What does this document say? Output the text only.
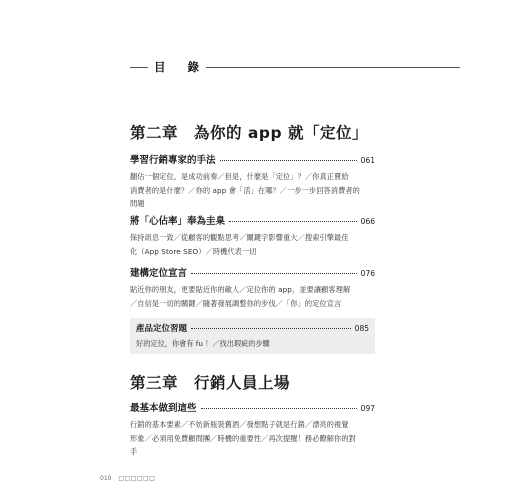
目 錄
第二章　為你的 app 就「定位」
學習行銷專家的手法	061
翻佔一個定位，是成功前奏／但是，什麼是「定位」？／你真正賣給
消費者的是什麼？／你的 app 會「活」在哪？／一步一步回答消費者的
問題
將「心佔率」奉為圭臬	066
保持訊息一致／從顧客的觀點思考／關鍵字影響重大／搜索引擎最佳
化（App Store SEO）／時機代表一切
建構定位宣言	076
貼近你的朋友，更要貼近你的敵人／定位你的 app，並要讓顧客理解
／自信是一切的關鍵／隨著發展調整你的步伐／「你」的定位宣言
產品定位習題	085
好的定位，你會有 fu ！／找出瑕疵的步驟
第三章　行銷人員上場
最基本做到這些	097
行銷的基本要素／不妨新瓶裝舊酒／發想點子就是行銷／漂亮的視覺
形象／必須用免費顧問團／時機的重要性／再次提醒！務必瞭解你的對
手
010 □□□□□□
